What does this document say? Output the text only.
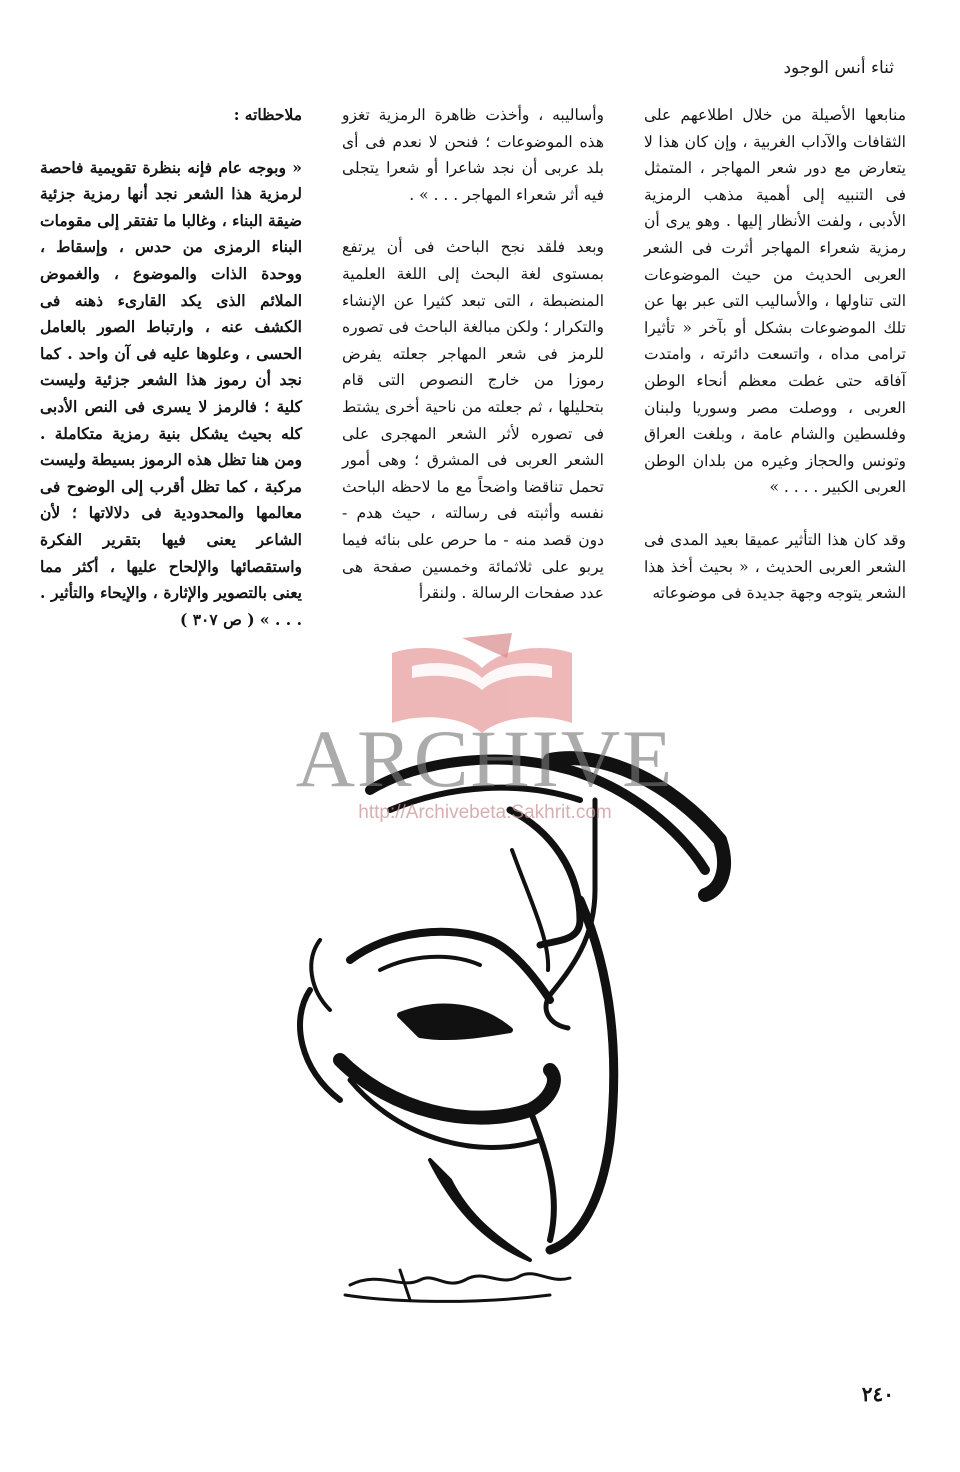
ثناء أنس الوجود

منابعها الأصيلة من خلال اطلاعهم على الثقافات والآداب الغربية ، وإن كان هذا لا يتعارض مع دور شعر المهاجر ، المتمثل فى التنبيه إلى أهمية مذهب الرمزية الأدبى ، ولفت الأنظار إليها . وهو يرى أن رمزية شعراء المهاجر أثرت فى الشعر العربى الحديث من حيث الموضوعات التى تناولها ، والأساليب التى عبر بها عن تلك الموضوعات بشكل أو بآخر « تأثيرا ترامى مداه ، واتسعت دائرته ، وامتدت آفاقه حتى غطت معظم أنحاء الوطن العربى ، ووصلت مصر وسوريا ولبنان وفلسطين والشام عامة ، وبلغت العراق وتونس والحجاز وغيره من بلدان الوطن العربى الكبير . . . . »

وقد كان هذا التأثير عميقا بعيد المدى فى الشعر العربى الحديث ، « بحيث أخذ هذا الشعر يتوجه وجهة جديدة فى موضوعاته

وأساليبه ، وأخذت ظاهرة الرمزية تغزو هذه الموضوعات ؛ فنحن لا نعدم فى أى بلد عربى أن نجد شاعرا أو شعرا يتجلى فيه أثر شعراء المهاجر . . . » .

وبعد فلقد نجح الباحث فى أن يرتفع بمستوى لغة البحث إلى اللغة العلمية المنضبطة ، التى تبعد كثيرا عن الإنشاء والتكرار ؛ ولكن مبالغة الباحث فى تصوره للرمز فى شعر المهاجر جعلته يفرض رموزا من خارج النصوص التى قام بتحليلها ، ثم جعلته من ناحية أخرى يشتط فى تصوره لأثر الشعر المهجرى على الشعر العربى فى المشرق ؛ وهى أمور تحمل تناقضا واضحاً مع ما لاحظه الباحث نفسه وأثبته فى رسالته ، حيث هدم - دون قصد منه - ما حرص على بنائه فيما يربو على ثلاثمائة وخمسين صفحة هى عدد صفحات الرسالة . ولنقرأ

ملاحظاته :

« وبوجه عام فإنه بنظرة تقويمية فاحصة لرمزية هذا الشعر نجد أنها رمزية جزئية ضيقة البناء ، وغالبا ما تفتقر إلى مقومات البناء الرمزى من حدس ، وإسقاط ، ووحدة الذات والموضوع ، والغموض الملائم الذى يكد القارىء ذهنه فى الكشف عنه ، وارتباط الصور بالعامل الحسى ، وعلوها عليه فى آن واحد . كما نجد أن رموز هذا الشعر جزئية وليست كلية ؛ فالرمز لا يسرى فى النص الأدبى كله بحيث يشكل بنية رمزية متكاملة . ومن هنا تظل هذه الرموز بسيطة وليست مركبة ، كما تظل أقرب إلى الوضوح فى معالمها والمحدودية فى دلالاتها ؛ لأن الشاعر يعنى فيها بتقرير الفكرة واستقصائها والإلحاح عليها ، أكثر مما يعنى بالتصوير والإثارة ، والإيحاء والتأثير . . . . » ( ص ٣٠٧ )

ARCHIVE
http://Archivebeta.Sakhrit.com
٢٤٠
